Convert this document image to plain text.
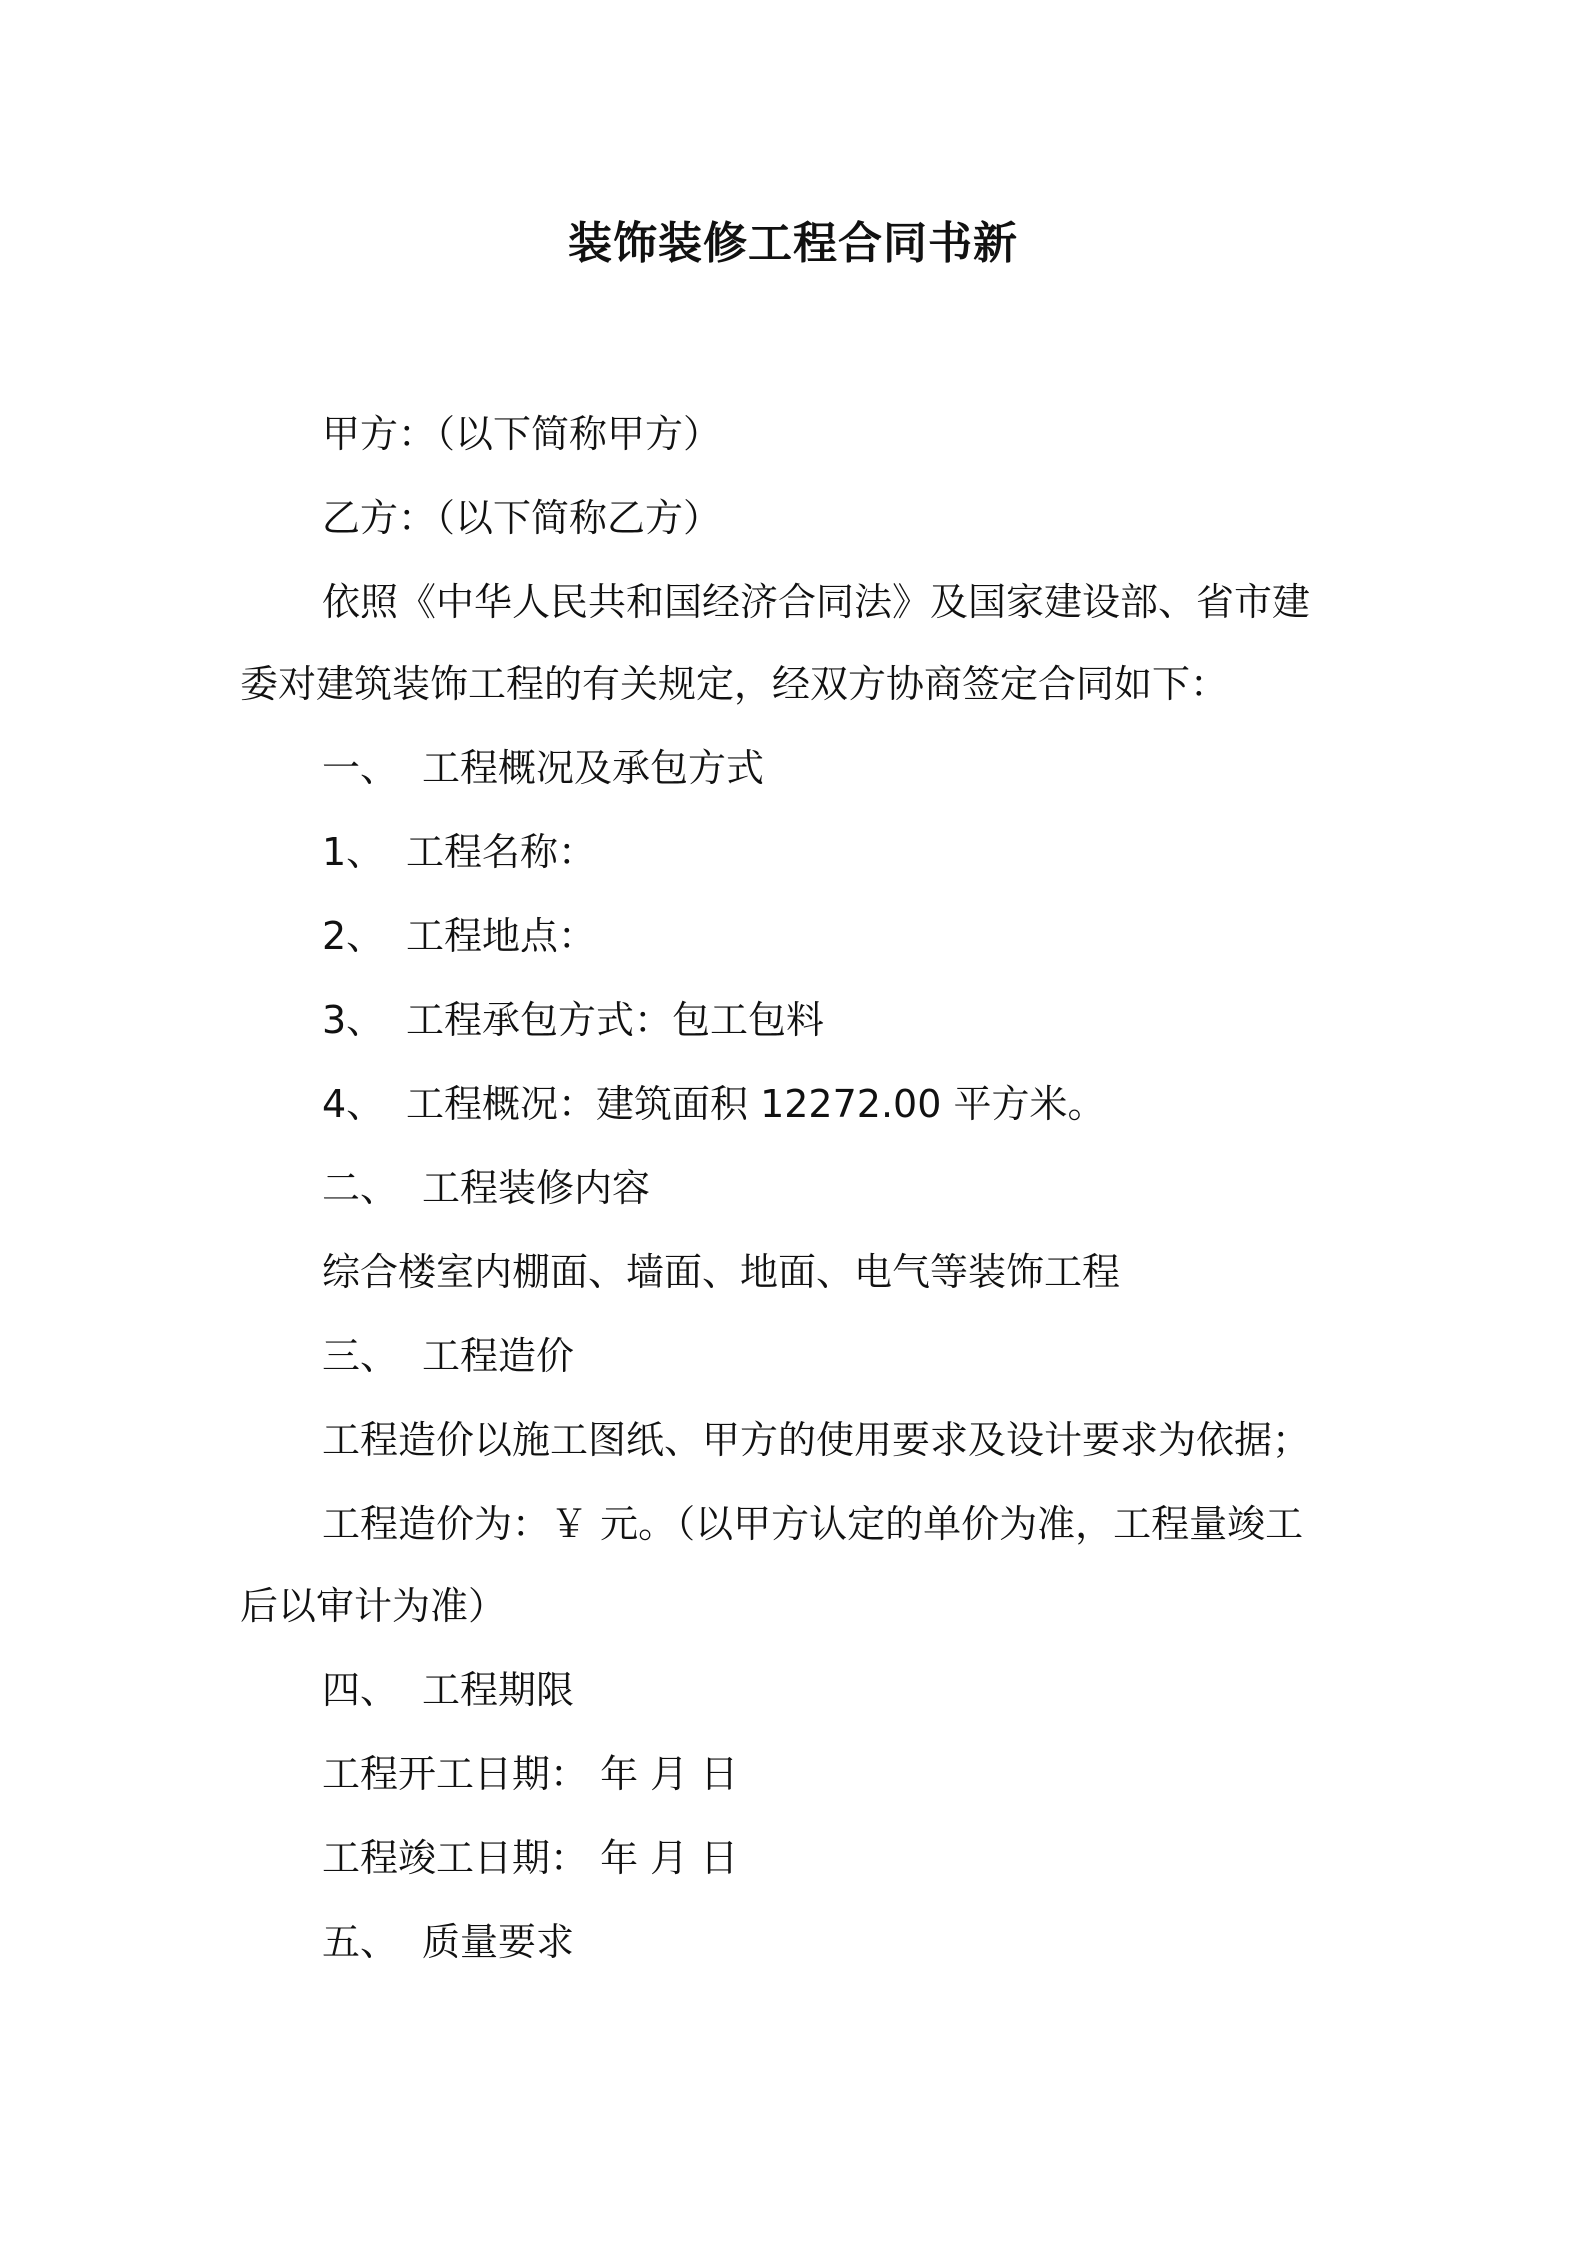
装饰装修工程合同书新
甲方：（以下简称甲方）
乙方：（以下简称乙方）
依照《中华人民共和国经济合同法》及国家建设部、省市建
委对建筑装饰工程的有关规定，经双方协商签定合同如下：
一、 工程概况及承包方式
1、 工程名称：
2、 工程地点：
3、 工程承包方式：包工包料
4、 工程概况：建筑面积 12272.00 平方米。
二、 工程装修内容
综合楼室内棚面、墙面、地面、电气等装饰工程
三、 工程造价
工程造价以施工图纸、甲方的使用要求及设计要求为依据；
工程造价为：￥ 元。（以甲方认定的单价为准，工程量竣工
后以审计为准）
四、 工程期限
工程开工日期： 年 月 日
工程竣工日期： 年 月 日
五、 质量要求
